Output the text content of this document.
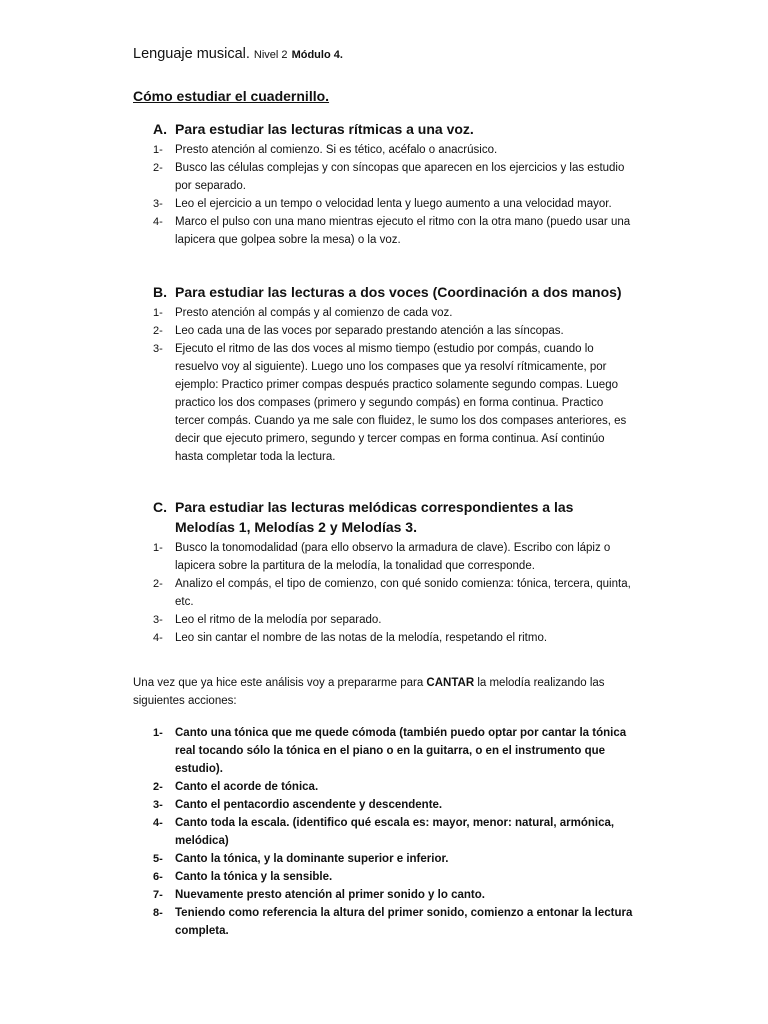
Lenguaje musical. Nivel 2 Módulo 4.
Cómo estudiar el cuadernillo.
A. Para estudiar las lecturas rítmicas a una voz.
1- Presto atención al comienzo. Si es tético, acéfalo o anacrúsico.
2- Busco las células complejas y con síncopas que aparecen en los ejercicios y las estudio por separado.
3- Leo el ejercicio a un tempo o velocidad lenta y luego aumento a una velocidad mayor.
4- Marco el pulso con una mano mientras ejecuto el ritmo con la otra mano (puedo usar una lapicera que golpea sobre la mesa) o la voz.
B. Para estudiar las lecturas a dos voces (Coordinación a dos manos)
1- Presto atención al compás y al comienzo de cada voz.
2- Leo cada una de las voces por separado prestando atención a las síncopas.
3- Ejecuto el ritmo de las dos voces al mismo tiempo (estudio por compás, cuando lo resuelvo voy al siguiente). Luego uno los compases que ya resolví rítmicamente, por ejemplo: Practico primer compas después practico solamente segundo compas. Luego practico los dos compases (primero y segundo compás) en forma continua. Practico tercer compás. Cuando ya me sale con fluidez, le sumo los dos compases anteriores, es decir que ejecuto primero, segundo y tercer compas en forma continua. Así continúo hasta completar toda la lectura.
C. Para estudiar las lecturas melódicas correspondientes a las Melodías 1, Melodías 2 y Melodías 3.
1- Busco la tonomodalidad (para ello observo la armadura de clave). Escribo con lápiz o lapicera sobre la partitura de la melodía, la tonalidad que corresponde.
2- Analizo el compás, el tipo de comienzo, con qué sonido comienza: tónica, tercera, quinta, etc.
3- Leo el ritmo de la melodía por separado.
4- Leo sin cantar el nombre de las notas de la melodía, respetando el ritmo.
Una vez que ya hice este análisis voy a prepararme para CANTAR la melodía realizando las siguientes acciones:
1- Canto una tónica que me quede cómoda (también puedo optar por cantar la tónica real tocando sólo la tónica en el piano o en la guitarra, o en el instrumento que estudio).
2- Canto el acorde de tónica.
3- Canto el pentacordio ascendente y descendente.
4- Canto toda la escala. (identifico qué escala es: mayor, menor: natural, armónica, melódica)
5- Canto la tónica, y la dominante superior e inferior.
6- Canto la tónica y la sensible.
7- Nuevamente presto atención al primer sonido y lo canto.
8- Teniendo como referencia la altura del primer sonido, comienzo a entonar la lectura completa.
